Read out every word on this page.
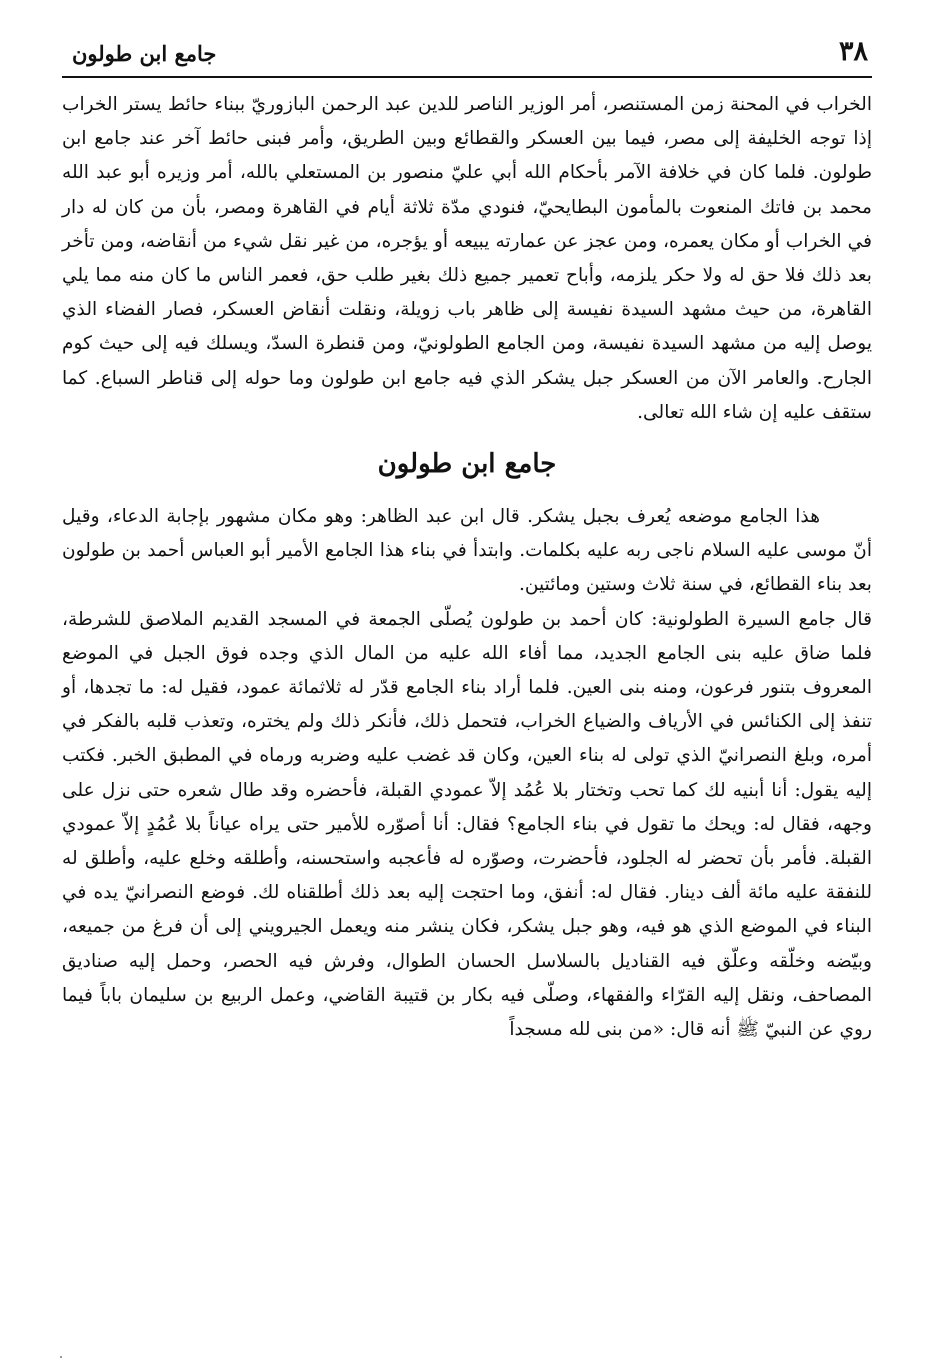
٣٨
جامع ابن طولون

الخراب في المحنة زمن المستنصر، أمر الوزير الناصر للدين عبد الرحمن البازوريّ ببناء حائط يستر الخراب إذا توجه الخليفة إلى مصر، فيما بين العسكر والقطائع وبين الطريق، وأمر فبنى حائط آخر عند جامع ابن طولون. فلما كان في خلافة الآمر بأحكام الله أبي عليّ منصور بن المستعلي بالله، أمر وزيره أبو عبد الله محمد بن فاتك المنعوت بالمأمون البطايحيّ، فنودي مدّة ثلاثة أيام في القاهرة ومصر، بأن من كان له دار في الخراب أو مكان يعمره، ومن عجز عن عمارته يبيعه أو يؤجره، من غير نقل شيء من أنقاضه، ومن تأخر بعد ذلك فلا حق له ولا حكر يلزمه، وأباح تعمير جميع ذلك بغير طلب حق، فعمر الناس ما كان منه مما يلي القاهرة، من حيث مشهد السيدة نفيسة إلى ظاهر باب زويلة، ونقلت أنقاض العسكر، فصار الفضاء الذي يوصل إليه من مشهد السيدة نفيسة، ومن الجامع الطولونيّ، ومن قنطرة السدّ، ويسلك فيه إلى حيث كوم الجارح. والعامر الآن من العسكر جبل يشكر الذي فيه جامع ابن طولون وما حوله إلى قناطر السباع. كما ستقف عليه إن شاء الله تعالى.

جامع ابن طولون

هذا الجامع موضعه يُعرف بجبل يشكر. قال ابن عبد الظاهر: وهو مكان مشهور بإجابة الدعاء، وقيل أنّ موسى عليه السلام ناجى ربه عليه بكلمات. وابتدأ في بناء هذا الجامع الأمير أبو العباس أحمد بن طولون بعد بناء القطائع، في سنة ثلاث وستين ومائتين.

قال جامع السيرة الطولونية: كان أحمد بن طولون يُصلّى الجمعة في المسجد القديم الملاصق للشرطة، فلما ضاق عليه بنى الجامع الجديد، مما أفاء الله عليه من المال الذي وجده فوق الجبل في الموضع المعروف بتنور فرعون، ومنه بنى العين. فلما أراد بناء الجامع قدّر له ثلاثمائة عمود، فقيل له: ما تجدها، أو تنفذ إلى الكنائس في الأرياف والضياع الخراب، فتحمل ذلك، فأنكر ذلك ولم يختره، وتعذب قلبه بالفكر في أمره، وبلغ النصرانيّ الذي تولى له بناء العين، وكان قد غضب عليه وضربه ورماه في المطبق الخبر. فكتب إليه يقول: أنا أبنيه لك كما تحب وتختار بلا عُمُد إلاّ عمودي القبلة، فأحضره وقد طال شعره حتى نزل على وجهه، فقال له: ويحك ما تقول في بناء الجامع؟ فقال: أنا أصوّره للأمير حتى يراه عياناً بلا عُمُدٍ إلاّ عمودي القبلة. فأمر بأن تحضر له الجلود، فأحضرت، وصوّره له فأعجبه واستحسنه، وأطلقه وخلع عليه، وأطلق له للنفقة عليه مائة ألف دينار. فقال له: أنفق، وما احتجت إليه بعد ذلك أطلقناه لك. فوضع النصرانيّ يده في البناء في الموضع الذي هو فيه، وهو جبل يشكر، فكان ينشر منه ويعمل الجيرويني إلى أن فرغ من جميعه، وبيّضه وخلّقه وعلّق فيه القناديل بالسلاسل الحسان الطوال، وفرش فيه الحصر، وحمل إليه صناديق المصاحف، ونقل إليه القرّاء والفقهاء، وصلّى فيه بكار بن قتيبة القاضي، وعمل الربيع بن سليمان باباً فيما روي عن النبيّ ﷺ أنه قال: «من بنى لله مسجداً
